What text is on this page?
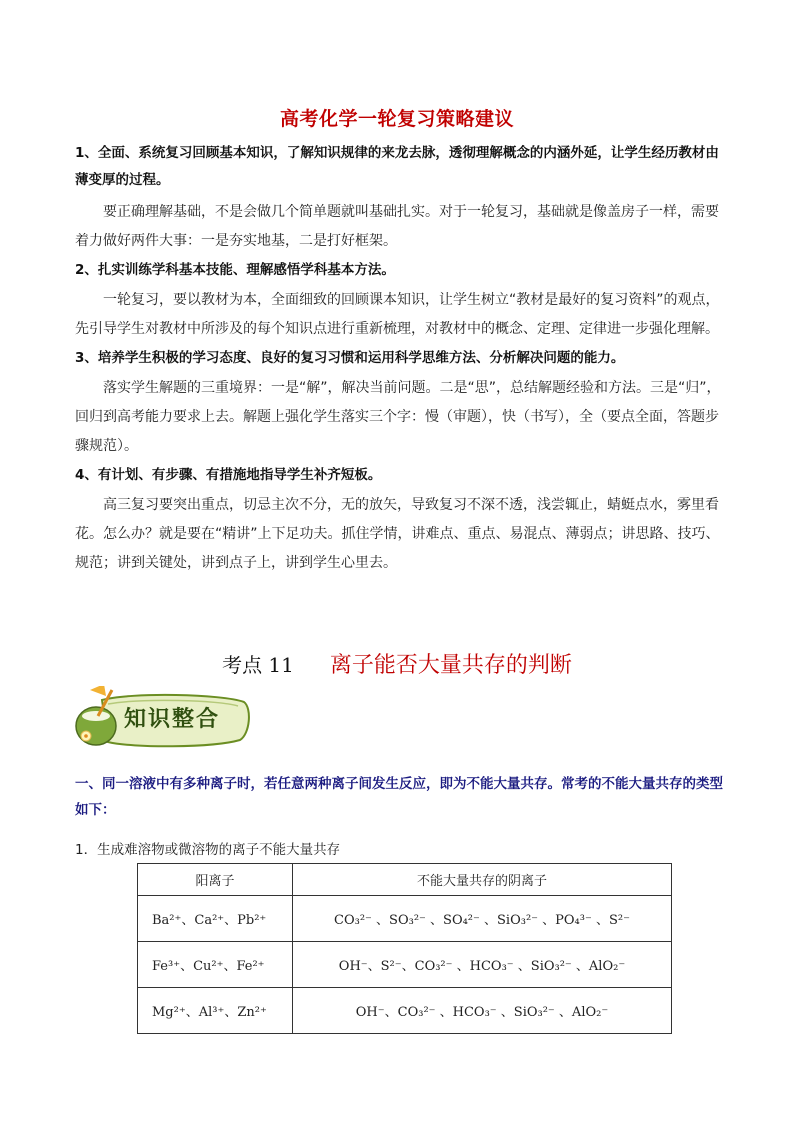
高考化学一轮复习策略建议
1、全面、系统复习回顾基本知识，了解知识规律的来龙去脉，透彻理解概念的内涵外延，让学生经历教材由薄变厚的过程。
要正确理解基础，不是会做几个简单题就叫基础扎实。对于一轮复习，基础就是像盖房子一样，需要着力做好两件大事：一是夯实地基，二是打好框架。
2、扎实训练学科基本技能、理解感悟学科基本方法。
一轮复习，要以教材为本，全面细致的回顾课本知识，让学生树立“教材是最好的复习资料”的观点，先引导学生对教材中所涉及的每个知识点进行重新梳理，对教材中的概念、定理、定律进一步强化理解。
3、培养学生积极的学习态度、良好的复习习惯和运用科学思维方法、分析解决问题的能力。
落实学生解题的三重境界：一是“解”，解决当前问题。二是“思”，总结解题经验和方法。三是“归”，回归到高考能力要求上去。解题上强化学生落实三个字：慢（审题），快（书写），全（要点全面，答题步骤规范）。
4、有计划、有步骤、有措施地指导学生补齐短板。
高三复习要突出重点，切忌主次不分，无的放矢，导致复习不深不透，浅尝辄止，蜻蜓点水，雾里看花。怎么办？就是要在“精讲”上下足功夫。抓住学情，讲难点、重点、易混点、薄弱点；讲思路、技巧、规范；讲到关键处，讲到点子上，讲到学生心里去。
考点 11 离子能否大量共存的判断
知识整合
一、同一溶液中有多种离子时，若任意两种离子间发生反应，即为不能大量共存。常考的不能大量共存的类型如下：
1．生成难溶物或微溶物的离子不能大量共存
阳离子	不能大量共存的阴离子
Ba²⁺、Ca²⁺、Pb²⁺	CO₃²⁻ 、SO₃²⁻ 、SO₄²⁻ 、SiO₃²⁻ 、PO₄³⁻ 、S²⁻
Fe³⁺、Cu²⁺、Fe²⁺	OH⁻、S²⁻、CO₃²⁻ 、HCO₃⁻ 、SiO₃²⁻ 、AlO₂⁻
Mg²⁺、Al³⁺、Zn²⁺	OH⁻、CO₃²⁻ 、HCO₃⁻ 、SiO₃²⁻ 、AlO₂⁻
